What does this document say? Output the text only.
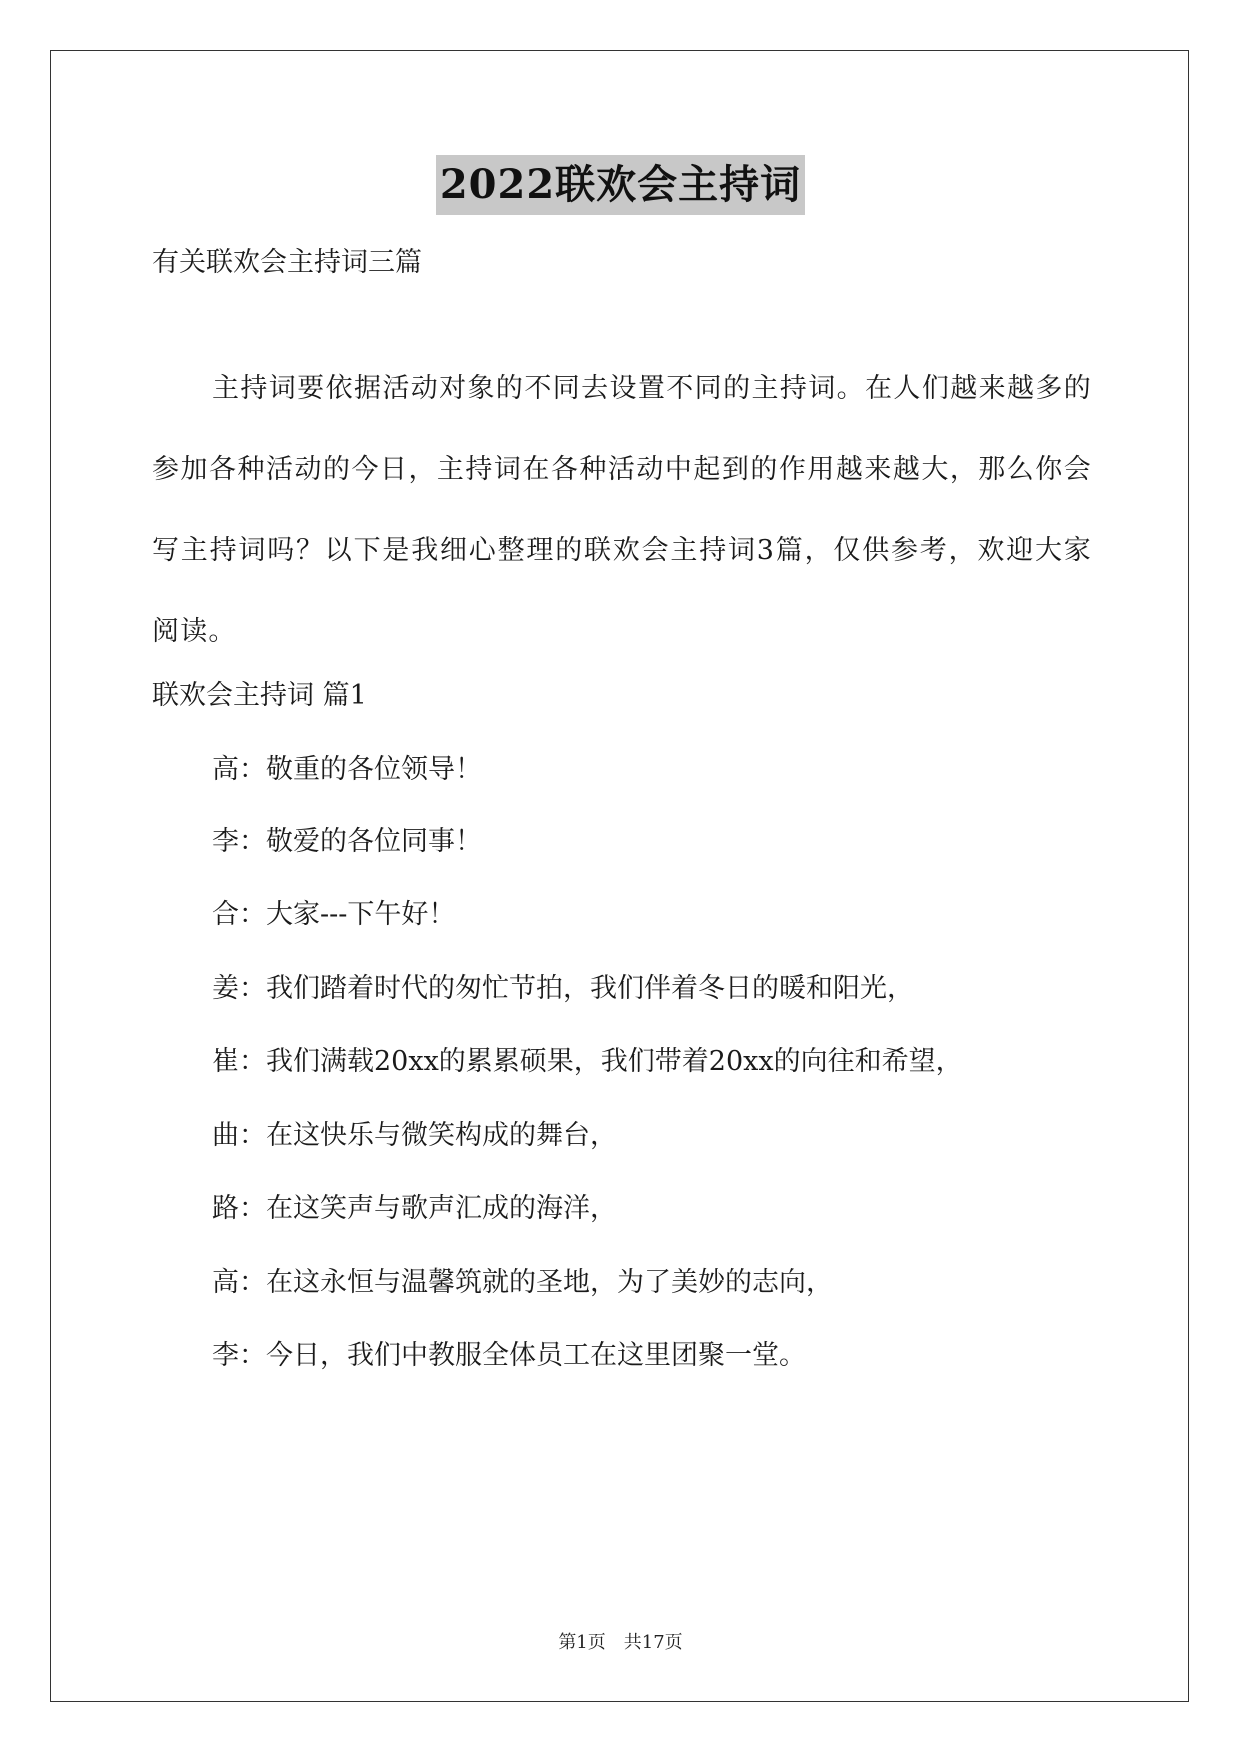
2022联欢会主持词
有关联欢会主持词三篇

主持词要依据活动对象的不同去设置不同的主持词。在人们越来越多的参加各种活动的今日，主持词在各种活动中起到的作用越来越大，那么你会写主持词吗？以下是我细心整理的联欢会主持词3篇，仅供参考，欢迎大家阅读。

联欢会主持词 篇1
高：敬重的各位领导！
李：敬爱的各位同事！
合：大家---下午好！
姜：我们踏着时代的匆忙节拍，我们伴着冬日的暖和阳光，
崔：我们满载20xx的累累硕果，我们带着20xx的向往和希望，
曲：在这快乐与微笑构成的舞台，
路：在这笑声与歌声汇成的海洋，
高：在这永恒与温馨筑就的圣地，为了美妙的志向，
李：今日，我们中教服全体员工在这里团聚一堂。
第1页　共17页
